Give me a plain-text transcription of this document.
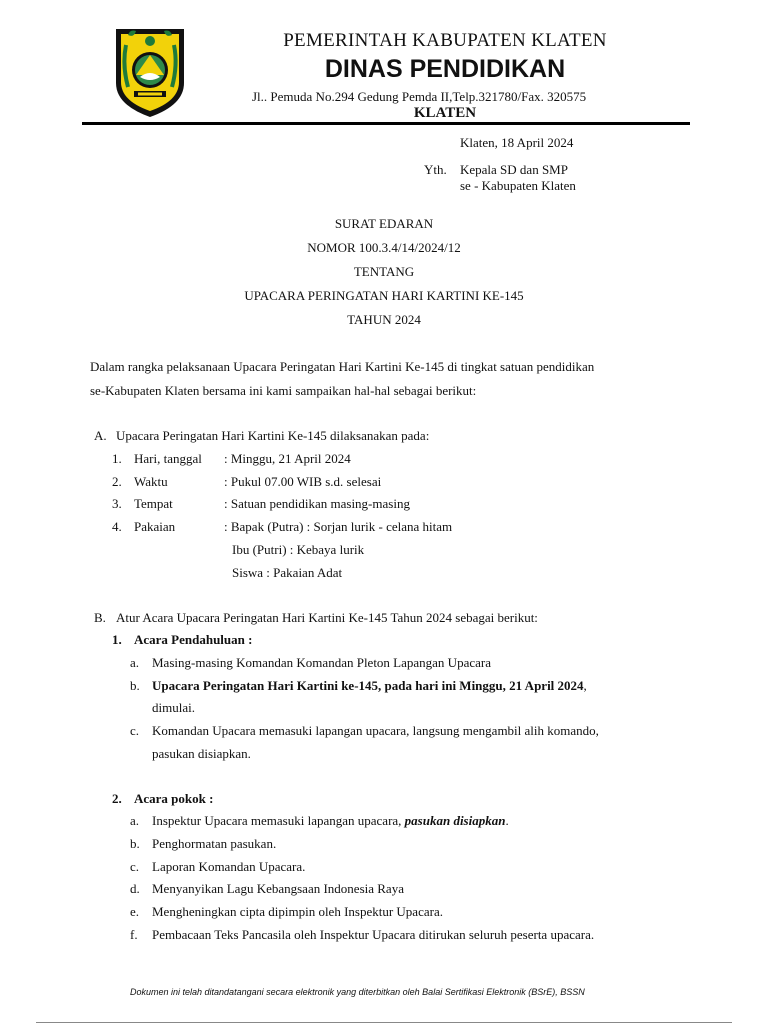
PEMERINTAH KABUPATEN KLATEN
DINAS PENDIDIKAN
Jl.. Pemuda No.294 Gedung Pemda II,Telp.321780/Fax. 320575
KLATEN
Klaten, 18 April 2024
Yth. Kepala SD dan SMP
se - Kabupaten Klaten
SURAT EDARAN
NOMOR 100.3.4/14/2024/12
TENTANG
UPACARA PERINGATAN HARI KARTINI KE-145
TAHUN 2024
Dalam rangka pelaksanaan Upacara Peringatan Hari Kartini Ke-145 di tingkat satuan pendidikan
se-Kabupaten Klaten bersama ini kami sampaikan hal-hal sebagai berikut:
A. Upacara Peringatan Hari Kartini Ke-145 dilaksanakan pada:
1. Hari, tanggal : Minggu, 21 April 2024
2. Waktu	: Pukul 07.00 WIB s.d. selesai
3. Tempat	: Satuan pendidikan masing-masing
4. Pakaian	: Bapak (Putra) : Sorjan lurik - celana hitam
Ibu (Putri) : Kebaya lurik
Siswa : Pakaian Adat
B. Atur Acara Upacara Peringatan Hari Kartini Ke-145 Tahun 2024 sebagai berikut:
1. Acara Pendahuluan :
a. Masing-masing Komandan Komandan Pleton Lapangan Upacara
b. Upacara Peringatan Hari Kartini ke-145, pada hari ini Minggu, 21 April 2024,
dimulai.
c. Komandan Upacara memasuki lapangan upacara, langsung mengambil alih komando,
pasukan disiapkan.
2. Acara pokok :
a. Inspektur Upacara memasuki lapangan upacara, pasukan disiapkan.
b. Penghormatan pasukan.
c. Laporan Komandan Upacara.
d. Menyanyikan Lagu Kebangsaan Indonesia Raya
e. Mengheningkan cipta dipimpin oleh Inspektur Upacara.
f. Pembacaan Teks Pancasila oleh Inspektur Upacara ditirukan seluruh peserta upacara.
Dokumen ini telah ditandatangani secara elektronik yang diterbitkan oleh Balai Sertifikasi Elektronik (BSrE), BSSN
